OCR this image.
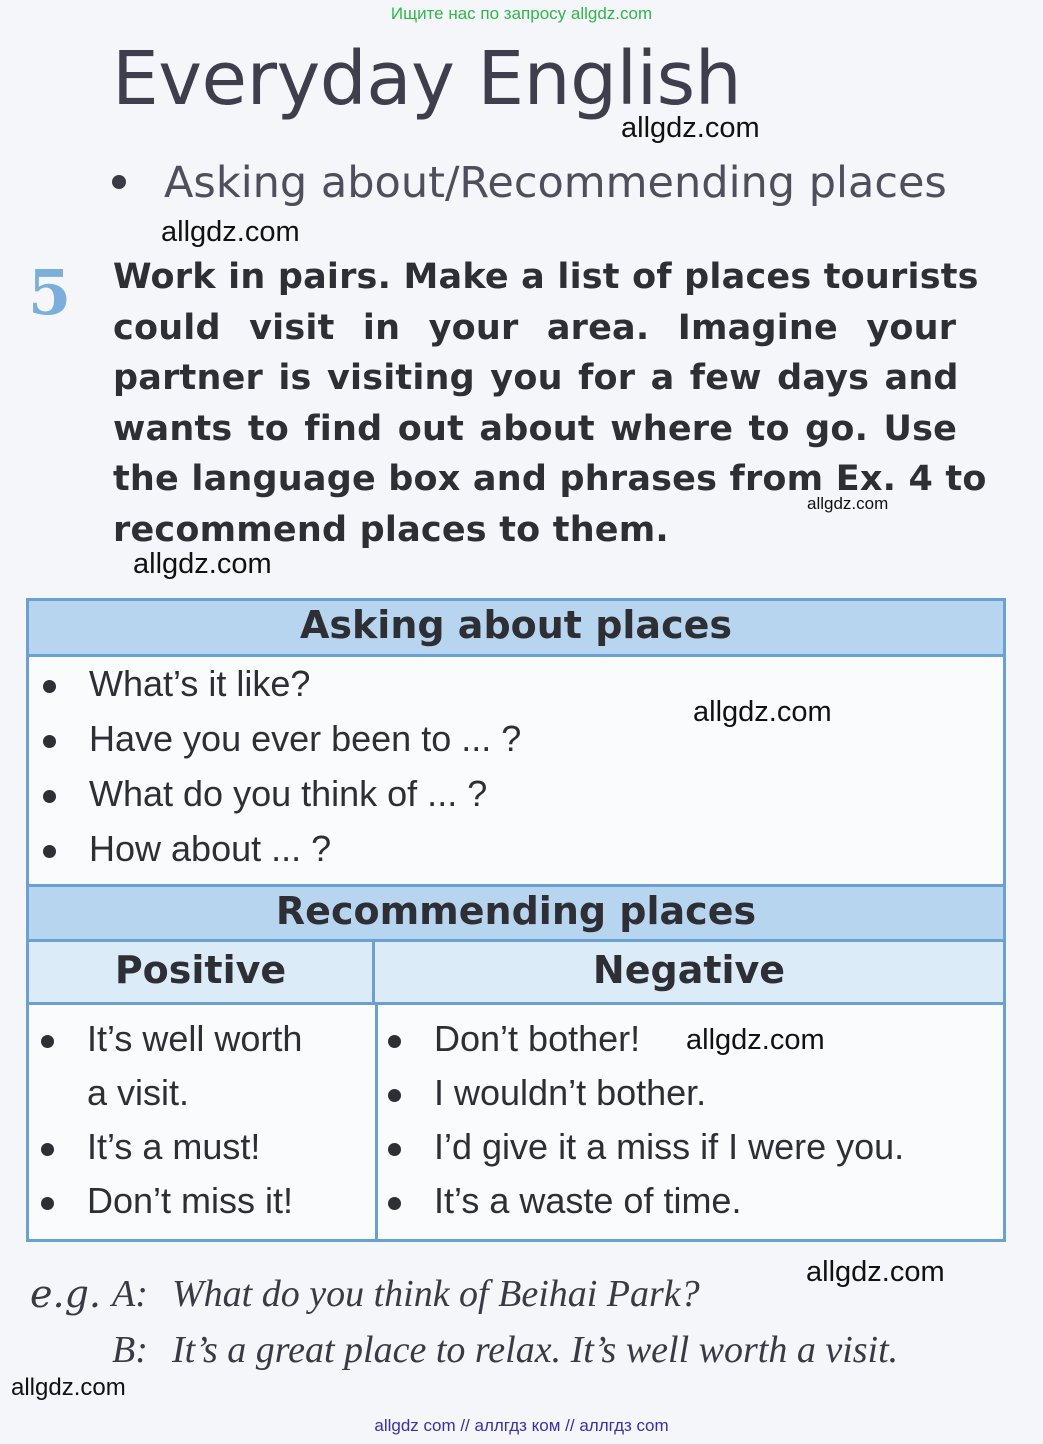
Ищите нас по запросу allgdz.com
Everyday English
Asking about/Recommending places
5 Work in pairs. Make a list of places tourists
could visit in your area. Imagine your
partner is visiting you for a few days and
wants to find out about where to go. Use
the language box and phrases from Ex. 4 to
recommend places to them.
Asking about places
What’s it like?
Have you ever been to ... ?
What do you think of ... ?
How about ... ?
Recommending places
Positive	Negative
It’s well worth
a visit.
It’s a must!
Don’t miss it!
Don’t bother!
I wouldn’t bother.
I’d give it a miss if I were you.
It’s a waste of time.
e.g. A: What do you think of Beihai Park?
B: It’s a great place to relax. It’s well worth a visit.
allgdz.com
allgdz.com
allgdz.com
allgdz.com
allgdz.com
allgdz.com
allgdz.com
allgdz.com
allgdz com // аллгдз ком // аллгдз com
